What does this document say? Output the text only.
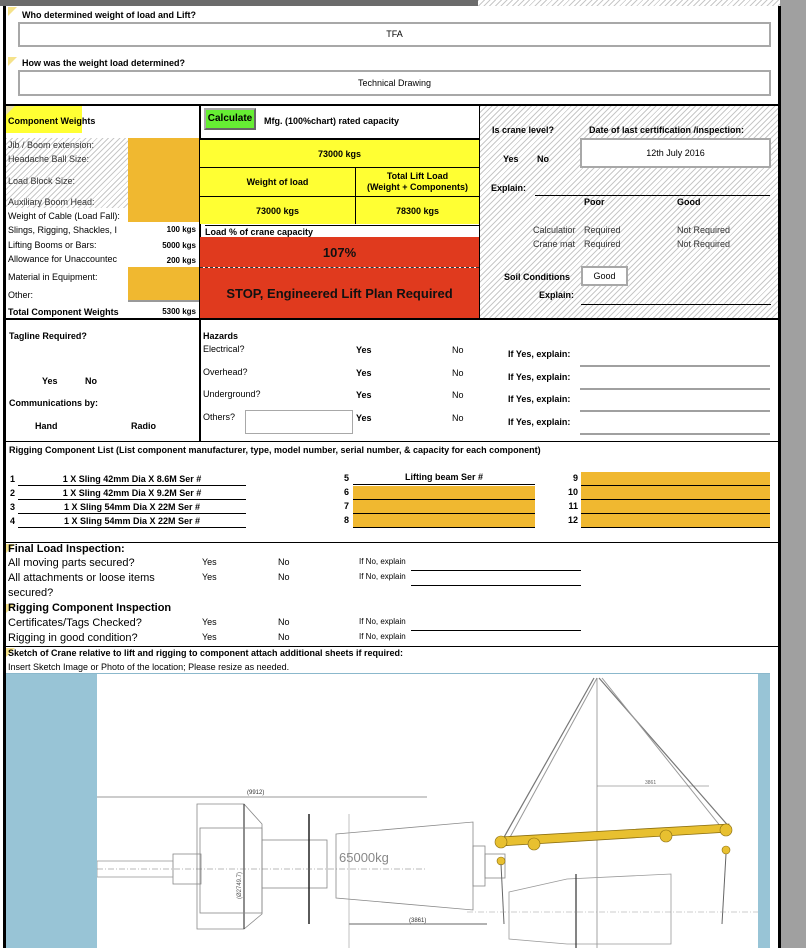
Who determined weight of load and Lift?
TFA
How was the weight load determined?
Technical Drawing
Component Weights
Jib / Boom extension:
Headache Ball Size:
Load Block Size:
Auxiliary Boom Head:
Weight of Cable (Load Fall):
Slings, Rigging, Shackles, I	100 kgs
Lifting Booms or Bars:	5000 kgs
Allowance for Unaccountec	200 kgs
Material in Equipment:
Other:
Total Component Weights	5300 kgs
Calculate	Mfg. (100%chart) rated capacity
73000 kgs
Weight of load
Total Lift Load
(Weight + Components)
73000 kgs	78300 kgs
Load % of crane capacity
107%
STOP, Engineered Lift Plan Required
Is crane level?	Date of last certification /inspection:
Yes No
12th July 2016
Explain:
Poor	Good
Calculatior Required	Not Required
Crane mat Required	Not Required
Soil Conditions	Good
Explain:
Tagline Required?
Yes	No
Communications by:
Hand	Radio
Hazards
Electrical?	Yes	No	If Yes, explain:
Overhead?	Yes	No	If Yes, explain:
Underground?	Yes	No	If Yes, explain:
Others?	Yes	No	If Yes, explain:
Rigging Component List (List component manufacturer, type, model number, serial number, & capacity for each component)
1	1 X Sling 42mm Dia X 8.6M Ser #
2	1 X Sling 42mm Dia X 9.2M Ser #
3	1 X Sling 54mm Dia X 22M Ser #
4	1 X Sling 54mm Dia X 22M Ser #
5	Lifting beam Ser #
6
7
8
9
10
11
12
Final Load Inspection:
All moving parts secured?	Yes	No	If No, explain
All attachments or loose items
secured?
Yes	No	If No, explain
Rigging Component Inspection
Certificates/Tags Checked?	Yes	No	If No, explain
Rigging in good condition?	Yes	No	If No, explain
Sketch of Crane relative to lift and rigging to component attach additional sheets if required:
Insert Sketch Image or Photo of the location; Please resize as needed.
(9912)
(Ø2749.7)
65000kg
(3861)
3861
